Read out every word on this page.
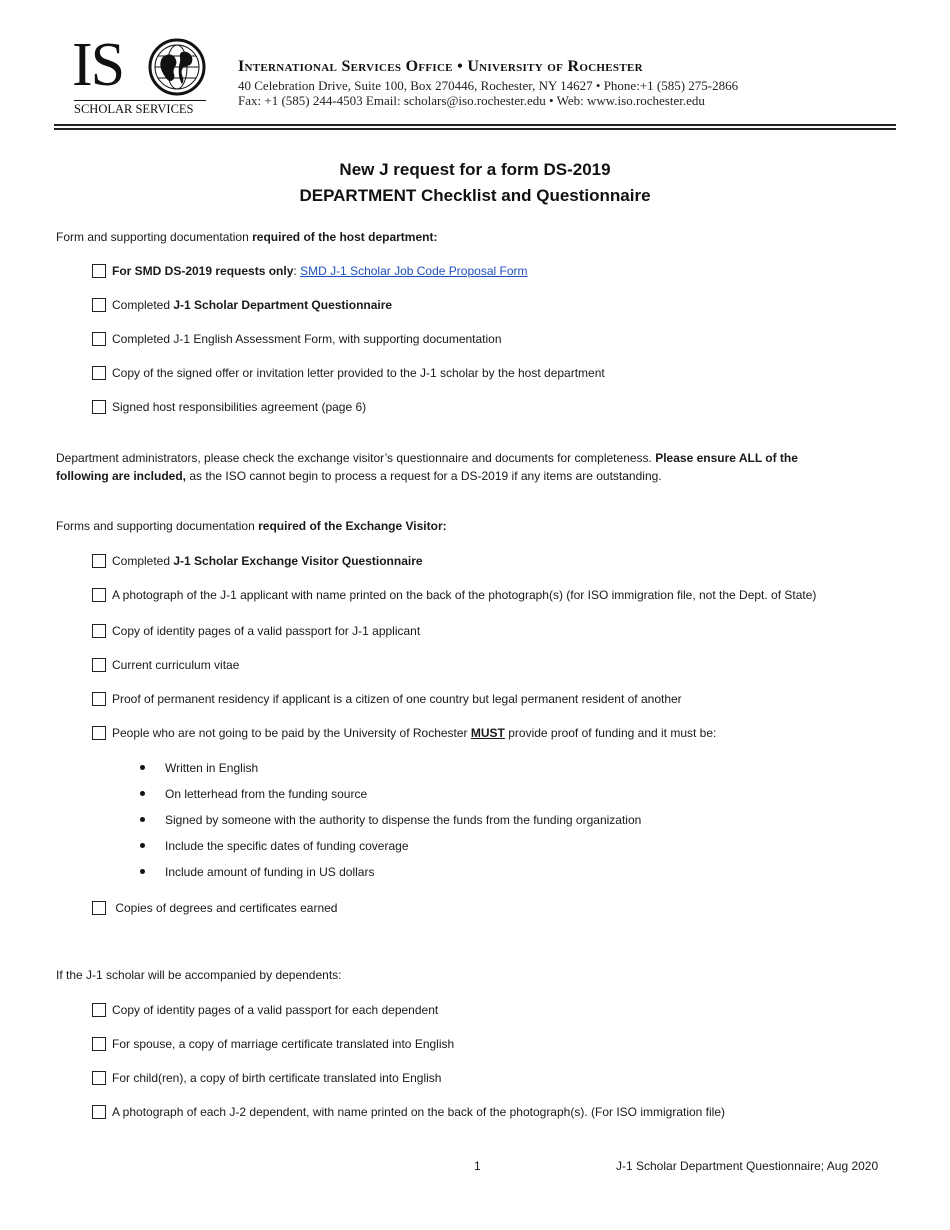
IS
SCHOLAR SERVICES
International Services Office • University of Rochester
40 Celebration Drive, Suite 100, Box 270446, Rochester, NY 14627 • Phone:+1 (585) 275-2866
Fax: +1 (585) 244-4503 Email: scholars@iso.rochester.edu • Web: www.iso.rochester.edu
New J request for a form DS-2019
DEPARTMENT Checklist and Questionnaire
Form and supporting documentation required of the host department:
For SMD DS-2019 requests only: SMD J-1 Scholar Job Code Proposal Form
Completed J-1 Scholar Department Questionnaire
Completed J-1 English Assessment Form, with supporting documentation
Copy of the signed offer or invitation letter provided to the J-1 scholar by the host department
Signed host responsibilities agreement (page 6)
Department administrators, please check the exchange visitor’s questionnaire and documents for completeness. Please ensure ALL of the
following are included, as the ISO cannot begin to process a request for a DS-2019 if any items are outstanding.
Forms and supporting documentation required of the Exchange Visitor:
Completed J-1 Scholar Exchange Visitor Questionnaire
A photograph of the J-1 applicant with name printed on the back of the photograph(s) (for ISO immigration file, not the Dept. of State)
Copy of identity pages of a valid passport for J-1 applicant
Current curriculum vitae
Proof of permanent residency if applicant is a citizen of one country but legal permanent resident of another
People who are not going to be paid by the University of Rochester MUST provide proof of funding and it must be:
Written in English
On letterhead from the funding source
Signed by someone with the authority to dispense the funds from the funding organization
Include the specific dates of funding coverage
Include amount of funding in US dollars
Copies of degrees and certificates earned
If the J-1 scholar will be accompanied by dependents:
Copy of identity pages of a valid passport for each dependent
For spouse, a copy of marriage certificate translated into English
For child(ren), a copy of birth certificate translated into English
A photograph of each J-2 dependent, with name printed on the back of the photograph(s). (For ISO immigration file)
1	J-1 Scholar Department Questionnaire; Aug 2020
